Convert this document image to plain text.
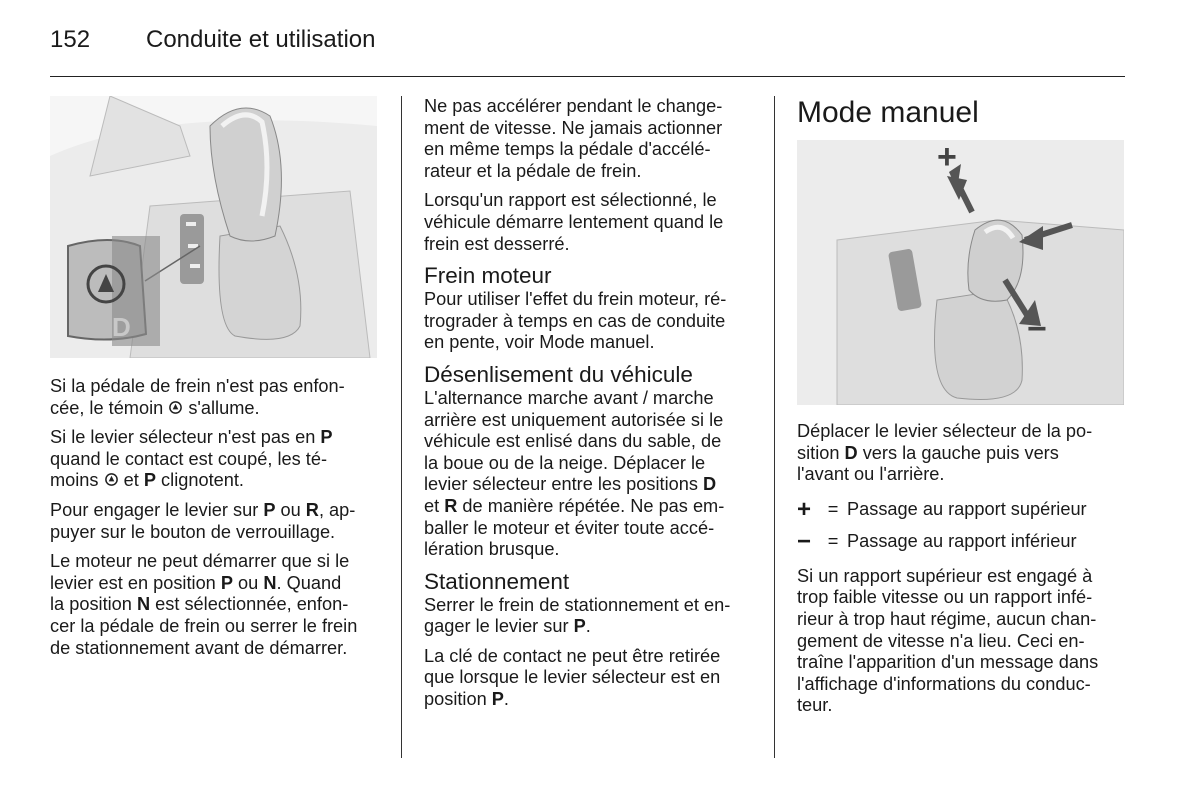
152 Conduite et utilisation
D

Si la pédale de frein n'est pas enfon-
cée, le témoin  s'allume.

Si le levier sélecteur n'est pas en P
quand le contact est coupé, les té-
moins  et P clignotent.

Pour engager le levier sur P ou R, ap-
puyer sur le bouton de verrouillage.

Le moteur ne peut démarrer que si le
levier est en position P ou N. Quand
la position N est sélectionnée, enfon-
cer la pédale de frein ou serrer le frein
de stationnement avant de démarrer.

Ne pas accélérer pendant le change-
ment de vitesse. Ne jamais actionner
en même temps la pédale d'accélé-
rateur et la pédale de frein.

Lorsqu'un rapport est sélectionné, le
véhicule démarre lentement quand le
frein est desserré.

Frein moteur

Pour utiliser l'effet du frein moteur, ré-
trograder à temps en cas de conduite
en pente, voir Mode manuel.

Désenlisement du véhicule

L'alternance marche avant / marche
arrière est uniquement autorisée si le
véhicule est enlisé dans du sable, de
la boue ou de la neige. Déplacer le
levier sélecteur entre les positions D
et R de manière répétée. Ne pas em-
baller le moteur et éviter toute accé-
lération brusque.

Stationnement

Serrer le frein de stationnement et en-
gager le levier sur P.

La clé de contact ne peut être retirée
que lorsque le levier sélecteur est en
position P.

Mode manuel
+
−

Déplacer le levier sélecteur de la po-
sition D vers la gauche puis vers
l'avant ou l'arrière.

+ = Passage au rapport supérieur
− = Passage au rapport inférieur

Si un rapport supérieur est engagé à
trop faible vitesse ou un rapport infé-
rieur à trop haut régime, aucun chan-
gement de vitesse n'a lieu. Ceci en-
traîne l'apparition d'un message dans
l'affichage d'informations du conduc-
teur.
